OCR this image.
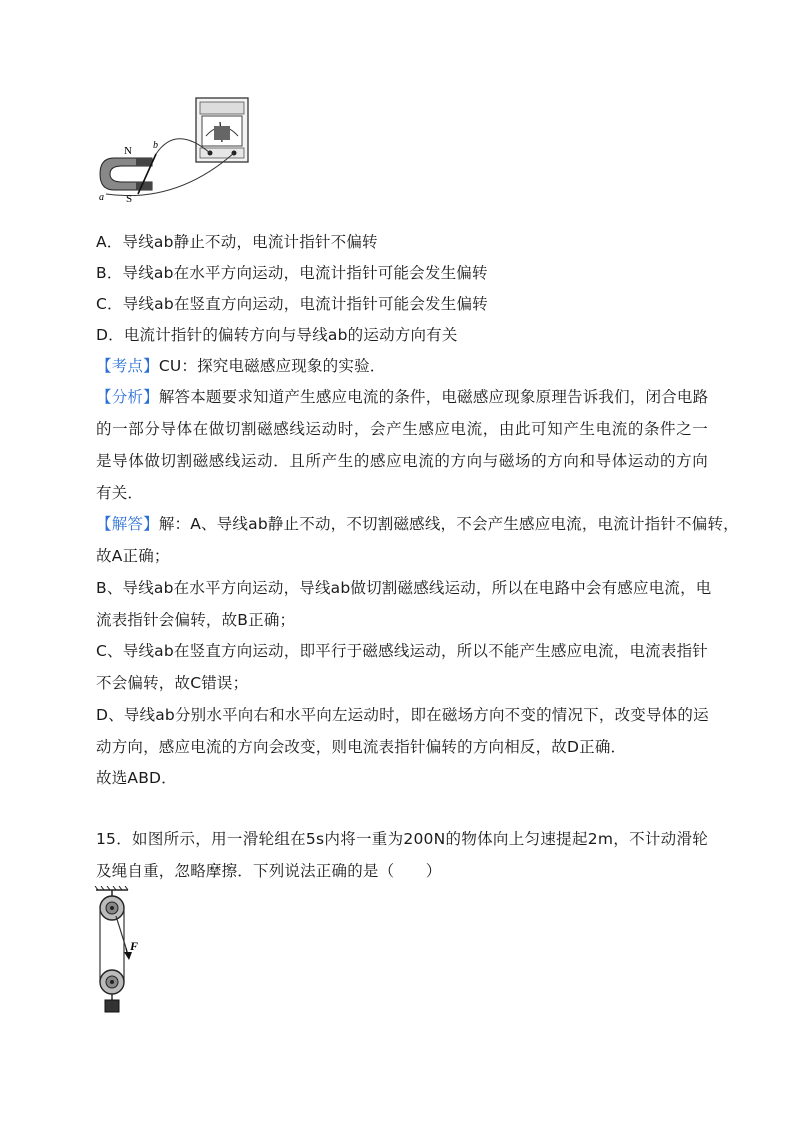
N
S
a
b
A．导线ab静止不动，电流计指针不偏转
B．导线ab在水平方向运动，电流计指针可能会发生偏转
C．导线ab在竖直方向运动，电流计指针可能会发生偏转
D．电流计指针的偏转方向与导线ab的运动方向有关
【考点】CU：探究电磁感应现象的实验．
【分析】解答本题要求知道产生感应电流的条件，电磁感应现象原理告诉我们，闭合电路
的一部分导体在做切割磁感线运动时，会产生感应电流，由此可知产生电流的条件之一
是导体做切割磁感线运动．且所产生的感应电流的方向与磁场的方向和导体运动的方向
有关．
【解答】解：A、导线ab静止不动，不切割磁感线，不会产生感应电流，电流计指针不偏转，
故A正确；
B、导线ab在水平方向运动，导线ab做切割磁感线运动，所以在电路中会有感应电流，电
流表指针会偏转，故B正确；
C、导线ab在竖直方向运动，即平行于磁感线运动，所以不能产生感应电流，电流表指针
不会偏转，故C错误；
D、导线ab分别水平向右和水平向左运动时，即在磁场方向不变的情况下，改变导体的运
动方向，感应电流的方向会改变，则电流表指针偏转的方向相反，故D正确．
故选ABD．
15．如图所示，用一滑轮组在5s内将一重为200N的物体向上匀速提起2m，不计动滑轮
及绳自重，忽略摩擦．下列说法正确的是（　　）
F
